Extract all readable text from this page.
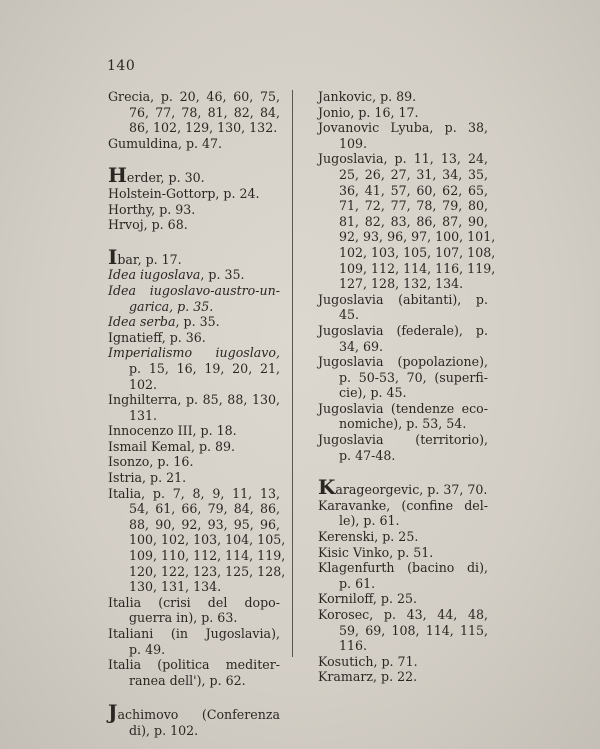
140
Grecia, p. 20, 46, 60, 75,
76, 77, 78, 81, 82, 84,
86, 102, 129, 130, 132.
Gumuldina, p. 47.
Herder, p. 30.
Holstein-Gottorp, p. 24.
Horthy, p. 93.
Hrvoj, p. 68.
Ibar, p. 17.
Idea iugoslava, p. 35.
Idea iugoslavo-austro-un-
garica, p. 35.
Idea serba, p. 35.
Ignatieff, p. 36.
Imperialismo iugoslavo,
p. 15, 16, 19, 20, 21,
102.
Inghilterra, p. 85, 88, 130,
131.
Innocenzo III, p. 18.
Ismail Kemal, p. 89.
Isonzo, p. 16.
Istria, p. 21.
Italia, p. 7, 8, 9, 11, 13,
54, 61, 66, 79, 84, 86,
88, 90, 92, 93, 95, 96,
100, 102, 103, 104, 105,
109, 110, 112, 114, 119,
120, 122, 123, 125, 128,
130, 131, 134.
Italia (crisi del dopo-
guerra in), p. 63.
Italiani (in Jugoslavia),
p. 49.
Italia (politica mediter-
ranea dell'), p. 62.
Jachimovo (Conferenza
di), p. 102.
Jankovic, p. 89.
Jonio, p. 16, 17.
Jovanovic Lyuba, p. 38,
109.
Jugoslavia, p. 11, 13, 24,
25, 26, 27, 31, 34, 35,
36, 41, 57, 60, 62, 65,
71, 72, 77, 78, 79, 80,
81, 82, 83, 86, 87, 90,
92, 93, 96, 97, 100, 101,
102, 103, 105, 107, 108,
109, 112, 114, 116, 119,
127, 128, 132, 134.
Jugoslavia (abitanti), p.
45.
Jugoslavia (federale), p.
34, 69.
Jugoslavia (popolazione),
p. 50-53, 70, (superfi-
cie), p. 45.
Jugoslavia (tendenze eco-
nomiche), p. 53, 54.
Jugoslavia (territorio),
p. 47-48.
Karageorgevic, p. 37, 70.
Karavanke, (confine del-
le), p. 61.
Kerenski, p. 25.
Kisic Vinko, p. 51.
Klagenfurth (bacino di),
p. 61.
Korniloff, p. 25.
Korosec, p. 43, 44, 48,
59, 69, 108, 114, 115,
116.
Kosutich, p. 71.
Kramarz, p. 22.
